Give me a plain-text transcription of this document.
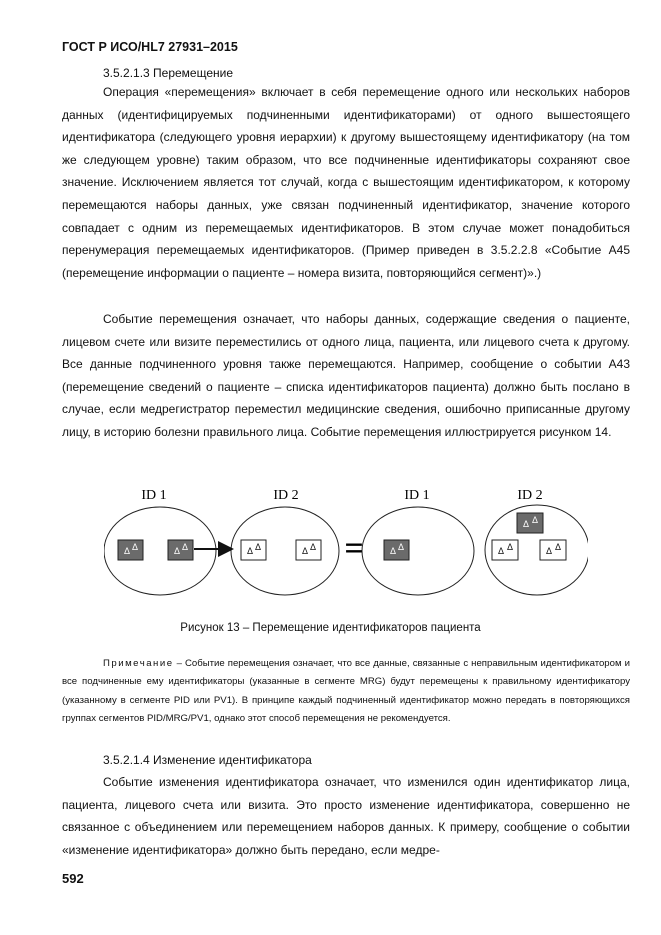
ГОСТ Р ИСО/HL7 27931–2015
3.5.2.1.3 Перемещение

Операция «перемещения» включает в себя перемещение одного или нескольких наборов данных (идентифицируемых подчиненными идентификаторами) от одного вышестоящего идентификатора (следующего уровня иерархии) к другому вышестоящему идентификатору (на том же следующем уровне) таким образом, что все подчиненные идентификаторы сохраняют свое значение. Исключением является тот случай, когда с вышестоящим идентификатором, к которому перемещаются наборы данных, уже связан подчиненный идентификатор, значение которого совпадает с одним из перемещаемых идентификаторов. В этом случае может понадобиться перенумерация перемещаемых идентификаторов. (Пример приведен в 3.5.2.2.8 «Событие А45 (перемещение информации о пациенте – номера визита, повторяющийся сегмент)».)

Событие перемещения означает, что наборы данных, содержащие сведения о пациенте, лицевом счете или визите переместились от одного лица, пациента, или лицевого счета к другому. Все данные подчиненного уровня также перемещаются. Например, сообщение о событии А43 (перемещение сведений о пациенте – списка идентификаторов пациента) должно быть послано в случае, если медрегистратор переместил медицинские сведения, ошибочно приписанные другому лицу, в историю болезни правильного лица. Событие перемещения иллюстрируется рисунком 14.

ID 1	ID 2	ID 1	ID 2
Δ Δ	Δ Δ	Δ Δ	Δ Δ =	Δ Δ
Δ Δ
Δ Δ	Δ Δ
Рисунок 13 – Перемещение идентификаторов пациента

Примечание – Событие перемещения означает, что все данные, связанные с неправильным идентификатором и все подчиненные ему идентификаторы (указанные в сегменте MRG) будут перемещены к правильному идентификатору (указанному в сегменте PID или PV1). В принципе каждый подчиненный идентификатор можно передать в повторяющихся группах сегментов PID/MRG/PV1, однако этот способ перемещения не рекомендуется.

3.5.2.1.4 Изменение идентификатора

Событие изменения идентификатора означает, что изменился один идентификатор лица, пациента, лицевого счета или визита. Это просто изменение идентификатора, совершенно не связанное с объединением или перемещением наборов данных. К примеру, сообщение о событии «изменение идентификатора» должно быть передано, если медре-

592
